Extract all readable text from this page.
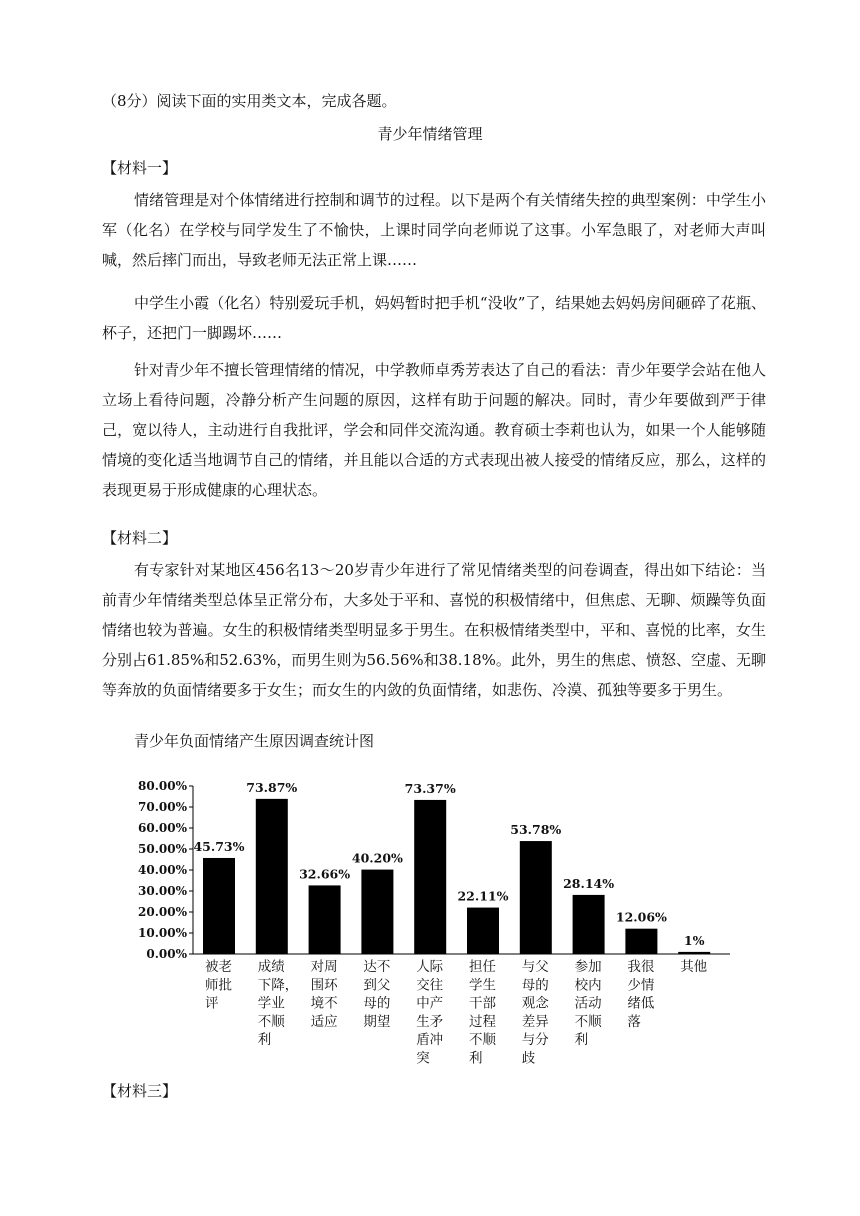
（8分）阅读下面的实用类文本，完成各题。
青少年情绪管理
【材料一】
情绪管理是对个体情绪进行控制和调节的过程。以下是两个有关情绪失控的典型案例：中学生小军（化名）在学校与同学发生了不愉快，上课时同学向老师说了这事。小军急眼了，对老师大声叫喊，然后摔门而出，导致老师无法正常上课……
中学生小霞（化名）特别爱玩手机，妈妈暂时把手机“没收”了，结果她去妈妈房间砸碎了花瓶、杯子，还把门一脚踢坏……
针对青少年不擅长管理情绪的情况，中学教师卓秀芳表达了自己的看法：青少年要学会站在他人立场上看待问题，冷静分析产生问题的原因，这样有助于问题的解决。同时，青少年要做到严于律己，宽以待人，主动进行自我批评，学会和同伴交流沟通。教育硕士李莉也认为，如果一个人能够随情境的变化适当地调节自己的情绪，并且能以合适的方式表现出被人接受的情绪反应，那么，这样的表现更易于形成健康的心理状态。
【材料二】
有专家针对某地区456名13～20岁青少年进行了常见情绪类型的问卷调查，得出如下结论：当前青少年情绪类型总体呈正常分布，大多处于平和、喜悦的积极情绪中，但焦虑、无聊、烦躁等负面情绪也较为普遍。女生的积极情绪类型明显多于男生。在积极情绪类型中，平和、喜悦的比率，女生分别占61.85%和52.63%，而男生则为56.56%和38.18%。此外，男生的焦虑、愤怒、空虚、无聊等奔放的负面情绪要多于女生；而女生的内敛的负面情绪，如悲伤、冷漠、孤独等要多于男生。
青少年负面情绪产生原因调查统计图
0.00%
10.00%
20.00%
30.00%
40.00%
50.00%
60.00%
70.00%
80.00%
45.73%
被老
师批
评
73.87%
成绩
下降，
学业
不顺
利
32.66%
对周
围环
境不
适应
40.20%
达不
到父
母的
期望
73.37%
人际
交往
中产
生矛
盾冲
突
22.11%
担任
学生
干部
过程
不顺
利
53.78%
与父
母的
观念
差异
与分
歧
28.14%
参加
校内
活动
不顺
利
12.06%
我很
少情
绪低
落
1%
其他
【材料三】
